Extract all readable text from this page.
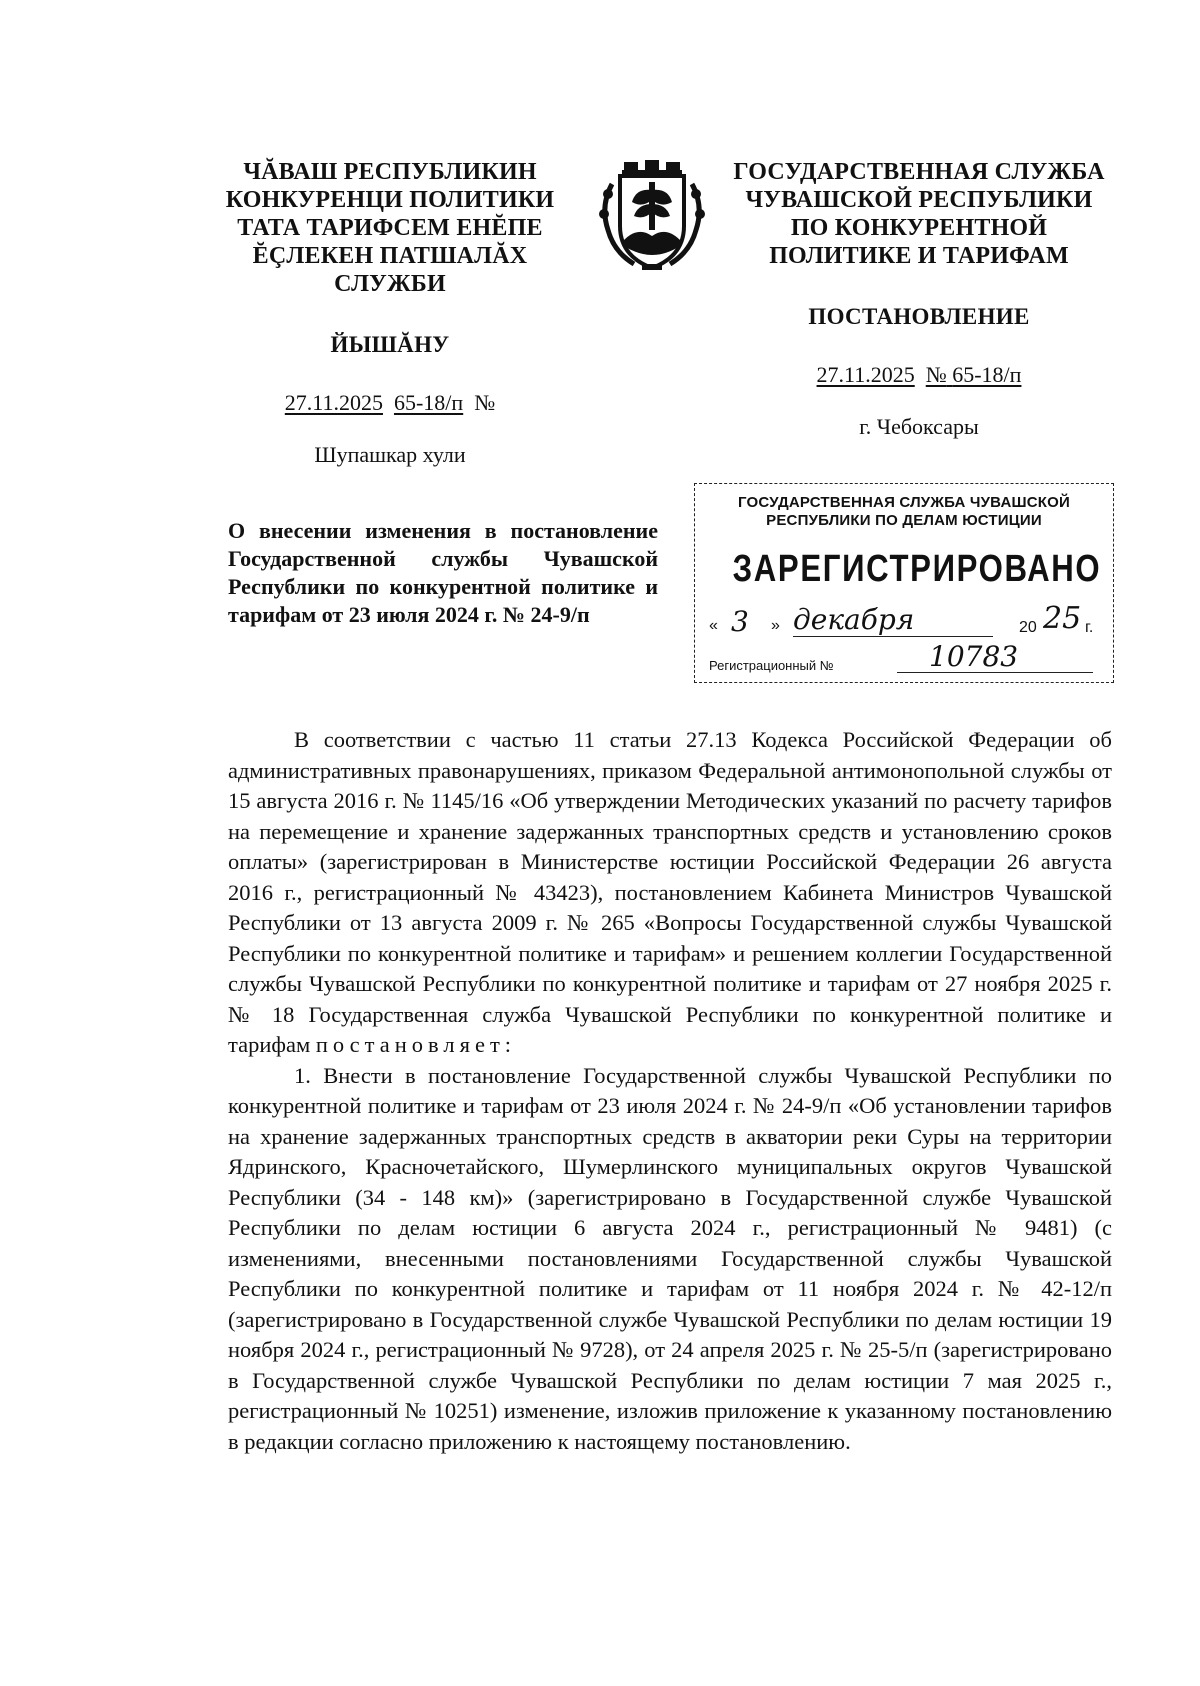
ЧĂВАШ РЕСПУБЛИКИН
КОНКУРЕНЦИ ПОЛИТИКИ
ТАТА ТАРИФСЕМ ЕНĔПЕ
ĔÇЛЕКЕН ПАТШАЛĂХ СЛУЖБИ
ЙЫШĂНУ
27.11.2025 65-18/п №
Шупашкар хули
ГОСУДАРСТВЕННАЯ СЛУЖБА
ЧУВАШСКОЙ РЕСПУБЛИКИ
ПО КОНКУРЕНТНОЙ
ПОЛИТИКЕ И ТАРИФАМ
ПОСТАНОВЛЕНИЕ
27.11.2025 № 65-18/п
г. Чебоксары
О внесении изменения в постановление Государственной службы Чувашской Республики по конкурентной политике и тарифам от 23 июля 2024 г. № 24-9/п
ГОСУДАРСТВЕННАЯ СЛУЖБА ЧУВАШСКОЙ
РЕСПУБЛИКИ ПО ДЕЛАМ ЮСТИЦИИ
ЗАРЕГИСТРИРОВАНО
« 3 » декабря	20 25 г.
Регистрационный №	10783

В соответствии с частью 11 статьи 27.13 Кодекса Российской Федерации об административных правонарушениях, приказом Федеральной антимонопольной службы от 15 августа 2016 г. № 1145/16 «Об утверждении Методических указаний по расчету тарифов на перемещение и хранение задержанных транспортных средств и установлению сроков оплаты» (зарегистрирован в Министерстве юстиции Российской Федерации 26 августа 2016 г., регистрационный № 43423), постановлением Кабинета Министров Чувашской Республики от 13 августа 2009 г. № 265 «Вопросы Государственной службы Чувашской Республики по конкурентной политике и тарифам» и решением коллегии Государственной службы Чувашской Республики по конкурентной политике и тарифам от 27 ноября 2025 г. № 18 Государственная служба Чувашской Республики по конкурентной политике и тарифам постановляет:

1. Внести в постановление Государственной службы Чувашской Республики по конкурентной политике и тарифам от 23 июля 2024 г. № 24-9/п «Об установлении тарифов на хранение задержанных транспортных средств в акватории реки Суры на территории Ядринского, Красночетайского, Шумерлинского муниципальных округов Чувашской Республики (34 - 148 км)» (зарегистрировано в Государственной службе Чувашской Республики по делам юстиции 6 августа 2024 г., регистрационный № 9481) (с изменениями, внесенными постановлениями Государственной службы Чувашской Республики по конкурентной политике и тарифам от 11 ноября 2024 г. № 42-12/п (зарегистрировано в Государственной службе Чувашской Республики по делам юстиции 19 ноября 2024 г., регистрационный № 9728), от 24 апреля 2025 г. № 25-5/п (зарегистрировано в Государственной службе Чувашской Республики по делам юстиции 7 мая 2025 г., регистрационный № 10251) изменение, изложив приложение к указанному постановлению в редакции согласно приложению к настоящему постановлению.
